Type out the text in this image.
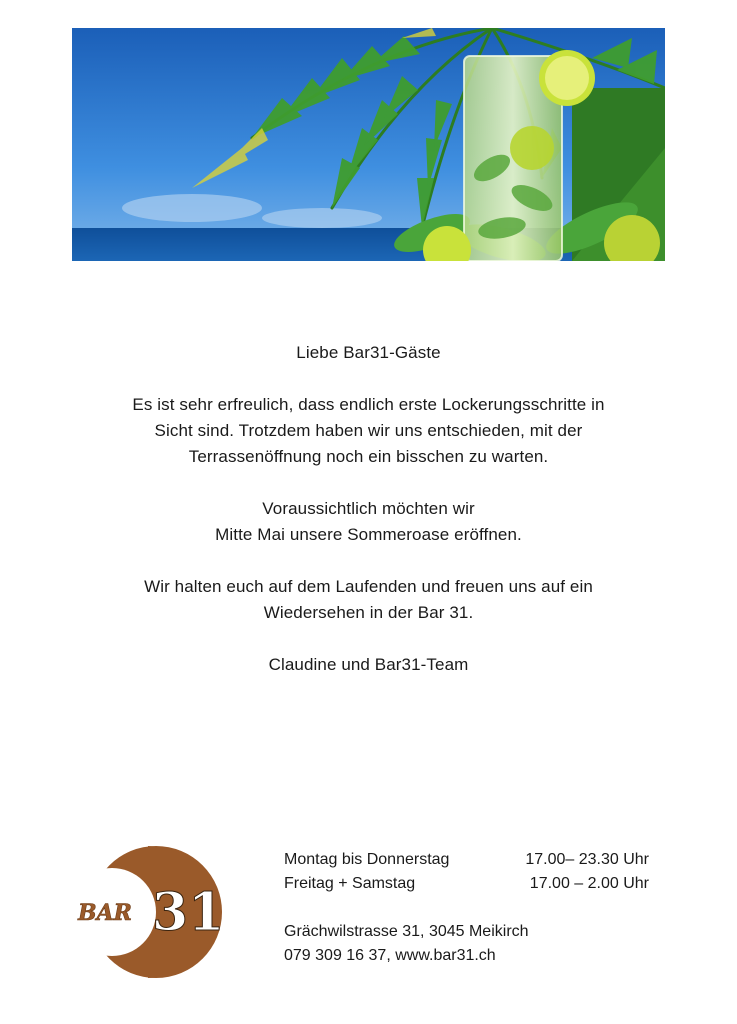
Liebe Bar31-Gäste

Es ist sehr erfreulich, dass endlich erste Lockerungsschritte in

Sicht sind. Trotzdem haben wir uns entschieden, mit der

Terrassenöffnung noch ein bisschen zu warten.

Voraussichtlich möchten wir

Mitte Mai unsere Sommeroase eröffnen.

Wir halten euch auf dem Laufenden und freuen uns auf ein

Wiedersehen in der Bar 31.

Claudine und Bar31-Team

BAR 31
Montag bis Donnerstag	17.00– 23.30 Uhr
Freitag + Samstag	17.00 – 2.00 Uhr
Grächwilstrasse 31, 3045 Meikirch
079 309 16 37, www.bar31.ch
